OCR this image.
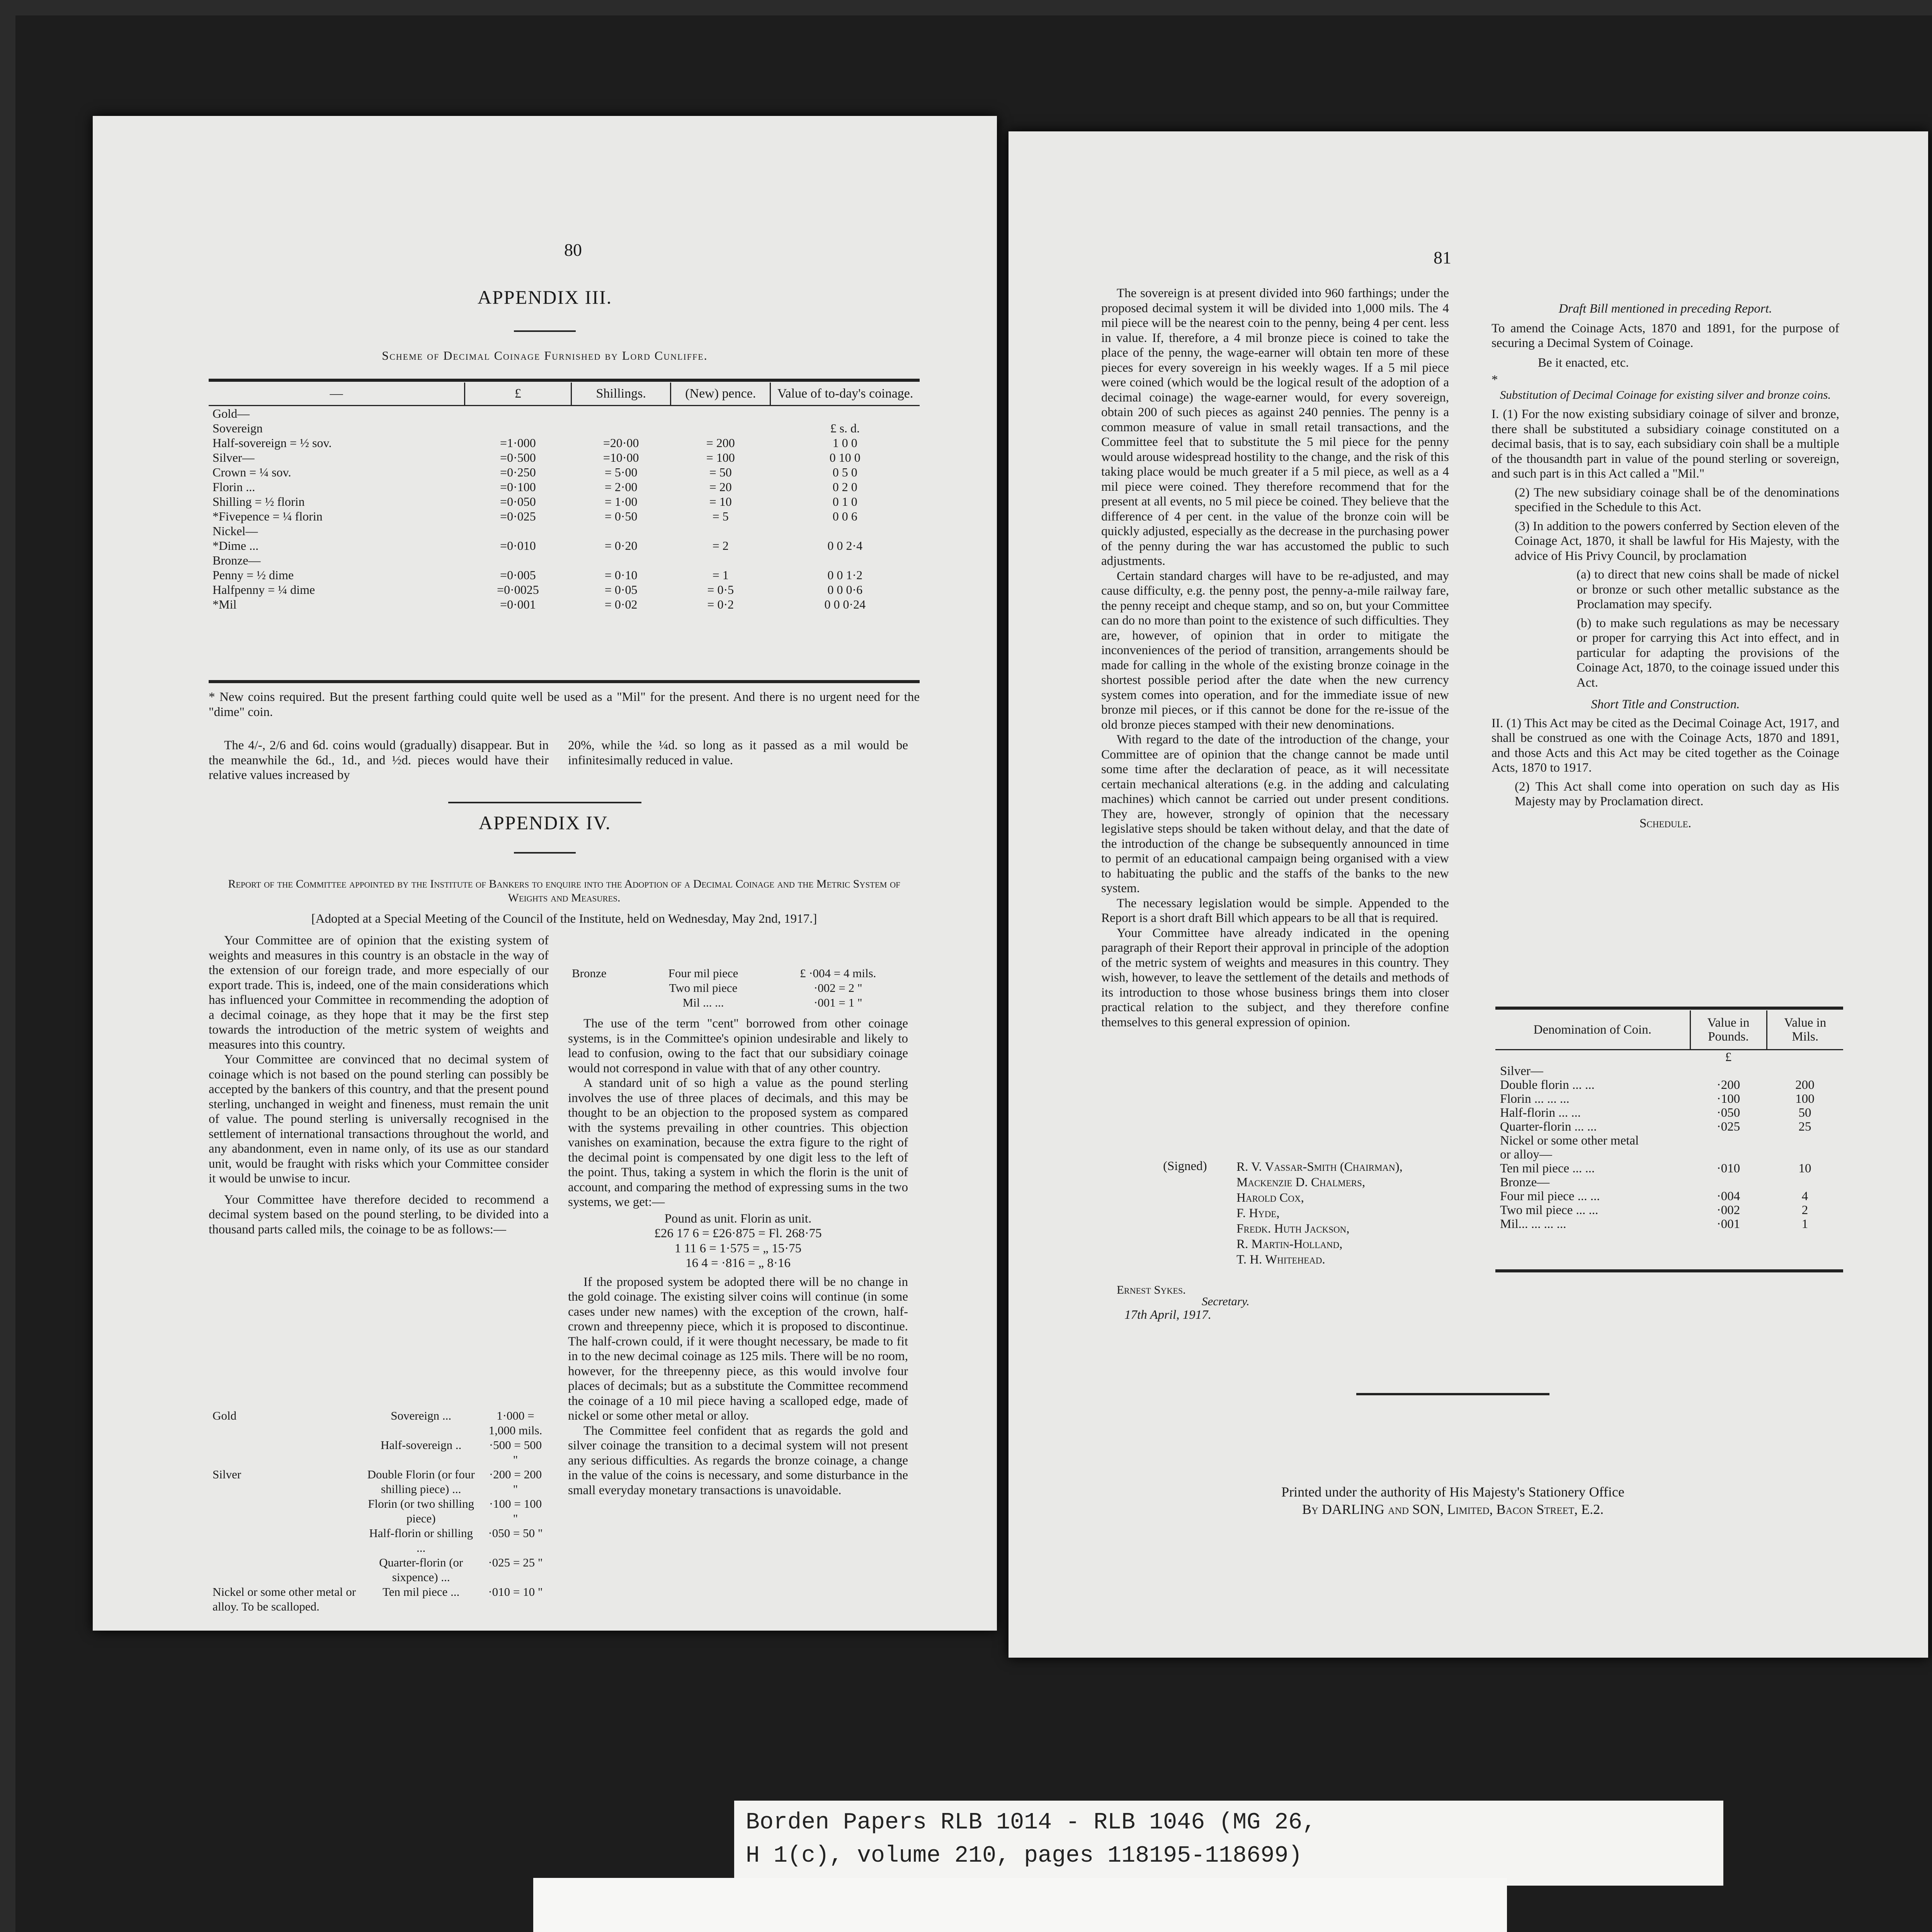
80
APPENDIX III.
Scheme of Decimal Coinage Furnished by Lord Cunliffe.
—	£	Shillings.	(New) pence.	Value of to-day's coinage.
Gold—				
Sovereign				£ s. d.
Half-sovereign = ½ sov.	=1·000	=20·00	= 200	1 0 0
Silver—	=0·500	=10·00	= 100	0 10 0
Crown = ¼ sov.	=0·250	= 5·00	= 50	0 5 0
Florin ...	=0·100	= 2·00	= 20	0 2 0
Shilling = ½ florin	=0·050	= 1·00	= 10	0 1 0
*Fivepence = ¼ florin	=0·025	= 0·50	= 5	0 0 6
Nickel—				
*Dime ...	=0·010	= 0·20	= 2	0 0 2·4
Bronze—				
Penny = ½ dime	=0·005	= 0·10	= 1	0 0 1·2
Halfpenny = ¼ dime	=0·0025	= 0·05	= 0·5	0 0 0·6
*Mil	=0·001	= 0·02	= 0·2	0 0 0·24

* New coins required. But the present farthing could quite well be used as a "Mil" for the present. And there is no urgent need for the "dime" coin.

The 4/-, 2/6 and 6d. coins would (gradually) disappear. But in the meanwhile the 6d., 1d., and ½d. pieces would have their relative values increased by

20%, while the ¼d. so long as it passed as a mil would be infinitesimally reduced in value.

APPENDIX IV.

Report of the Committee appointed by the Institute of Bankers to enquire into the Adoption of a Decimal Coinage and the Metric System of Weights and Measures.

[Adopted at a Special Meeting of the Council of the Institute, held on Wednesday, May 2nd, 1917.]

Your Committee are of opinion that the existing system of weights and measures in this country is an obstacle in the way of the extension of our foreign trade, and more especially of our export trade. This is, indeed, one of the main considerations which has influenced your Committee in recommending the adoption of a decimal coinage, as they hope that it may be the first step towards the introduction of the metric system of weights and measures into this country.

Your Committee are convinced that no decimal system of coinage which is not based on the pound sterling can possibly be accepted by the bankers of this country, and that the present pound sterling, unchanged in weight and fineness, must remain the unit of value. The pound sterling is universally recognised in the settlement of international transactions throughout the world, and any abandonment, even in name only, of its use as our standard unit, would be fraught with risks which your Committee consider it would be unwise to incur.

Your Committee have therefore decided to recommend a decimal system based on the pound sterling, to be divided into a thousand parts called mils, the coinage to be as follows:—

Gold	Sovereign ...	1·000 = 1,000 mils.
	Half-sovereign ..	·500 = 500 "
Silver	Double Florin (or four shilling piece) ...	·200 = 200 "
	Florin (or two shilling piece)	·100 = 100 "
	Half-florin or shilling ...	·050 = 50 "
	Quarter-florin (or sixpence) ...	·025 = 25 "
Nickel or some other metal or alloy. To be scalloped.	Ten mil piece ...	·010 = 10 "
Bronze	Four mil piece	£ ·004 = 4 mils.
	Two mil piece	·002 = 2 "
	Mil ... ...	·001 = 1 "

The use of the term "cent" borrowed from other coinage systems, is in the Committee's opinion undesirable and likely to lead to confusion, owing to the fact that our subsidiary coinage would not correspond in value with that of any other country.

A standard unit of so high a value as the pound sterling involves the use of three places of decimals, and this may be thought to be an objection to the proposed system as compared with the systems prevailing in other countries. This objection vanishes on examination, because the extra figure to the right of the decimal point is compensated by one digit less to the left of the point. Thus, taking a system in which the florin is the unit of account, and comparing the method of expressing sums in the two systems, we get:—

Pound as unit. Florin as unit.

£26 17 6 = £26·875 = Fl. 268·75

1 11 6 = 1·575 = „ 15·75

16 4 = ·816 = „ 8·16

If the proposed system be adopted there will be no change in the gold coinage. The existing silver coins will continue (in some cases under new names) with the exception of the crown, half-crown and threepenny piece, which it is proposed to discontinue. The half-crown could, if it were thought necessary, be made to fit in to the new decimal coinage as 125 mils. There will be no room, however, for the threepenny piece, as this would involve four places of decimals; but as a substitute the Committee recommend the coinage of a 10 mil piece having a scalloped edge, made of nickel or some other metal or alloy.

The Committee feel confident that as regards the gold and silver coinage the transition to a decimal system will not present any serious difficulties. As regards the bronze coinage, a change in the value of the coins is necessary, and some disturbance in the small everyday monetary transactions is unavoidable.

81

The sovereign is at present divided into 960 farthings; under the proposed decimal system it will be divided into 1,000 mils. The 4 mil piece will be the nearest coin to the penny, being 4 per cent. less in value. If, therefore, a 4 mil bronze piece is coined to take the place of the penny, the wage-earner will obtain ten more of these pieces for every sovereign in his weekly wages. If a 5 mil piece were coined (which would be the logical result of the adoption of a decimal coinage) the wage-earner would, for every sovereign, obtain 200 of such pieces as against 240 pennies. The penny is a common measure of value in small retail transactions, and the Committee feel that to substitute the 5 mil piece for the penny would arouse widespread hostility to the change, and the risk of this taking place would be much greater if a 5 mil piece, as well as a 4 mil piece were coined. They therefore recommend that for the present at all events, no 5 mil piece be coined. They believe that the difference of 4 per cent. in the value of the bronze coin will be quickly adjusted, especially as the decrease in the purchasing power of the penny during the war has accustomed the public to such adjustments.

Certain standard charges will have to be re-adjusted, and may cause difficulty, e.g. the penny post, the penny-a-mile railway fare, the penny receipt and cheque stamp, and so on, but your Committee can do no more than point to the existence of such difficulties. They are, however, of opinion that in order to mitigate the inconveniences of the period of transition, arrangements should be made for calling in the whole of the existing bronze coinage in the shortest possible period after the date when the new currency system comes into operation, and for the immediate issue of new bronze mil pieces, or if this cannot be done for the re-issue of the old bronze pieces stamped with their new denominations.

With regard to the date of the introduction of the change, your Committee are of opinion that the change cannot be made until some time after the declaration of peace, as it will necessitate certain mechanical alterations (e.g. in the adding and calculating machines) which cannot be carried out under present conditions. They are, however, strongly of opinion that the necessary legislative steps should be taken without delay, and that the date of the introduction of the change be subsequently announced in time to permit of an educational campaign being organised with a view to habituating the public and the staffs of the banks to the new system.

The necessary legislation would be simple. Appended to the Report is a short draft Bill which appears to be all that is required.

Your Committee have already indicated in the opening paragraph of their Report their approval in principle of the adoption of the metric system of weights and measures in this country. They wish, however, to leave the settlement of the details and methods of its introduction to those whose business brings them into closer practical relation to the subject, and they therefore confine themselves to this general expression of opinion.

(Signed) R. V. Vassar-Smith (Chairman),
Mackenzie D. Chalmers,
Harold Cox,
F. Hyde,
Fredk. Huth Jackson,
R. Martin-Holland,
T. H. Whitehead.
Ernest Sykes.
Secretary.
17th April, 1917.

Draft Bill mentioned in preceding Report.

To amend the Coinage Acts, 1870 and 1891, for the purpose of securing a Decimal System of Coinage.

Be it enacted, etc.

*

Substitution of Decimal Coinage for existing silver and bronze coins.

I. (1) For the now existing subsidiary coinage of silver and bronze, there shall be substituted a subsidiary coinage constituted on a decimal basis, that is to say, each subsidiary coin shall be a multiple of the thousandth part in value of the pound sterling or sovereign, and such part is in this Act called a "Mil."

(2) The new subsidiary coinage shall be of the denominations specified in the Schedule to this Act.

(3) In addition to the powers conferred by Section eleven of the Coinage Act, 1870, it shall be lawful for His Majesty, with the advice of His Privy Council, by proclamation

(a) to direct that new coins shall be made of nickel or bronze or such other metallic substance as the Proclamation may specify.

(b) to make such regulations as may be necessary or proper for carrying this Act into effect, and in particular for adapting the provisions of the Coinage Act, 1870, to the coinage issued under this Act.

Short Title and Construction.

II. (1) This Act may be cited as the Decimal Coinage Act, 1917, and shall be construed as one with the Coinage Acts, 1870 and 1891, and those Acts and this Act may be cited together as the Coinage Acts, 1870 to 1917.

(2) This Act shall come into operation on such day as His Majesty may by Proclamation direct.

Schedule.

Denomination of Coin.	Value in Pounds.	Value in Mils.
	£	
Silver—		
Double florin ... ...	·200	200
Florin ... ... ...	·100	100
Half-florin ... ...	·050	50
Quarter-florin ... ...	·025	25
Nickel or some other metal		
or alloy—		
Ten mil piece ... ...	·010	10
Bronze—		
Four mil piece ... ...	·004	4
Two mil piece ... ...	·002	2
Mil... ... ... ...	·001	1

Printed under the authority of His Majesty's Stationery Office

By DARLING and SON, Limited, Bacon Street, E.2.

Borden Papers RLB 1014 - RLB 1046 (MG 26,
H 1(c), volume 210, pages 118195-118699)
